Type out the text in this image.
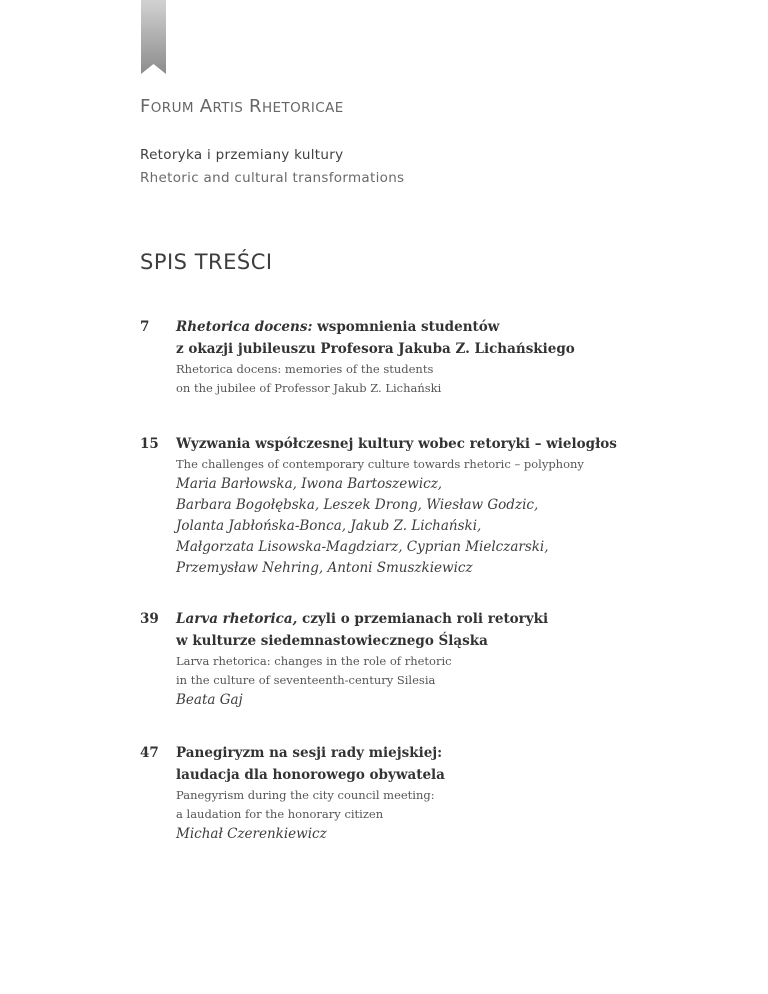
FORUM ARTIS RHETORICAE

Retoryka i przemiany kultury

Rhetoric and cultural transformations

SPIS TREŚCI
7 Rhetorica docens: wspomnienia studentów
z okazji jubileuszu Profesora Jakuba Z. Lichańskiego
Rhetorica docens: memories of the students
on the jubilee of Professor Jakub Z. Lichański
15 Wyzwania współczesnej kultury wobec retoryki – wielogłos
The challenges of contemporary culture towards rhetoric – polyphony
Maria Barłowska, Iwona Bartoszewicz,
Barbara Bogołębska, Leszek Drong, Wiesław Godzic,
Jolanta Jabłońska-Bonca, Jakub Z. Lichański,
Małgorzata Lisowska-Magdziarz, Cyprian Mielczarski,
Przemysław Nehring, Antoni Smuszkiewicz
39 Larva rhetorica, czyli o przemianach roli retoryki
w kulturze siedemnastowiecznego Śląska
Larva rhetorica: changes in the role of rhetoric
in the culture of seventeenth-century Silesia
Beata Gaj
47 Panegiryzm na sesji rady miejskiej:
laudacja dla honorowego obywatela
Panegyrism during the city council meeting:
a laudation for the honorary citizen
Michał Czerenkiewicz
